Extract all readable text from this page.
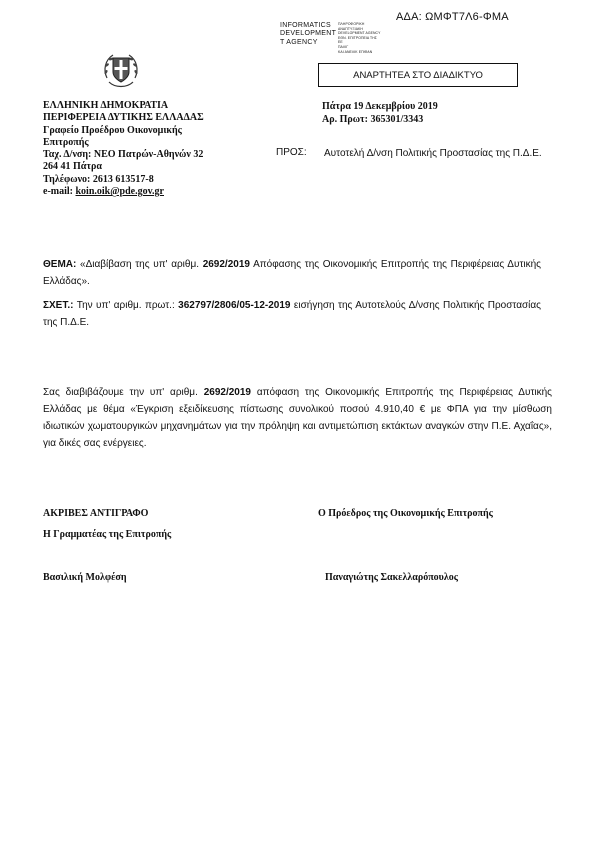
ΑΔΑ: ΩΜΦΤ7Λ6-ΦΜΑ
INFORMATICS
DEVELOPMENT
T AGENCY
ΠΛΗΡΟΦΟΡΙΚΗ
ΑΝΑΠΤΥΞΙΑΚΗ
DEVELOPMENT AGENCY
ΕΘΝ. ΕΠΙΤΡΟΠΕΙΑ ΤΗΣ
ΕΕ
ΠΑΛΙΓ
ΚΑΙ ΑΝΕΛΙΚ ΕΠΙΦΑΝ
ΑΝΑΡΤΗΤΕΑ ΣΤΟ ΔΙΑΔΙΚΤΥΟ
ΕΛΛΗΝΙΚΗ ΔΗΜΟΚΡΑΤΙΑ
ΠΕΡΙΦΕΡΕΙΑ ΔΥΤΙΚΗΣ ΕΛΛΑΔΑΣ
Γραφείο Προέδρου Οικονομικής
Επιτροπής
Ταχ. Δ/νση: ΝΕΟ Πατρών-Αθηνών 32
264 41 Πάτρα
Τηλέφωνο: 2613 613517-8
e-mail: koin.oik@pde.gov.gr
Πάτρα 19 Δεκεμβρίου 2019
Αρ. Πρωτ: 365301/3343
ΠΡΟΣ: Αυτοτελή Δ/νση Πολιτικής Προστασίας της Π.Δ.Ε.
ΘΕΜΑ: «Διαβίβαση της υπ' αριθμ. 2692/2019 Απόφασης της Οικονομικής Επιτροπής της Περιφέρειας Δυτικής Ελλάδας».
ΣΧΕΤ.: Την υπ' αριθμ. πρωτ.: 362797/2806/05-12-2019 εισήγηση της Αυτοτελούς Δ/νσης Πολιτικής Προστασίας της Π.Δ.Ε.
Σας διαβιβάζουμε την υπ' αριθμ. 2692/2019 απόφαση της Οικονομικής Επιτροπής της Περιφέρειας Δυτικής Ελλάδας με θέμα «Έγκριση εξειδίκευσης πίστωσης συνολικού ποσού 4.910,40 € με ΦΠΑ για την μίσθωση ιδιωτικών χωματουργικών μηχανημάτων για την πρόληψη και αντιμετώπιση εκτάκτων αναγκών στην Π.Ε. Αχαΐας», για δικές σας ενέργειες.
ΑΚΡΙΒΕΣ ΑΝΤΙΓΡΑΦΟ	Ο Πρόεδρος της Οικονομικής Επιτροπής
Η Γραμματέας της Επιτροπής
Βασιλική Μολφέση	Παναγιώτης Σακελλαρόπουλος
